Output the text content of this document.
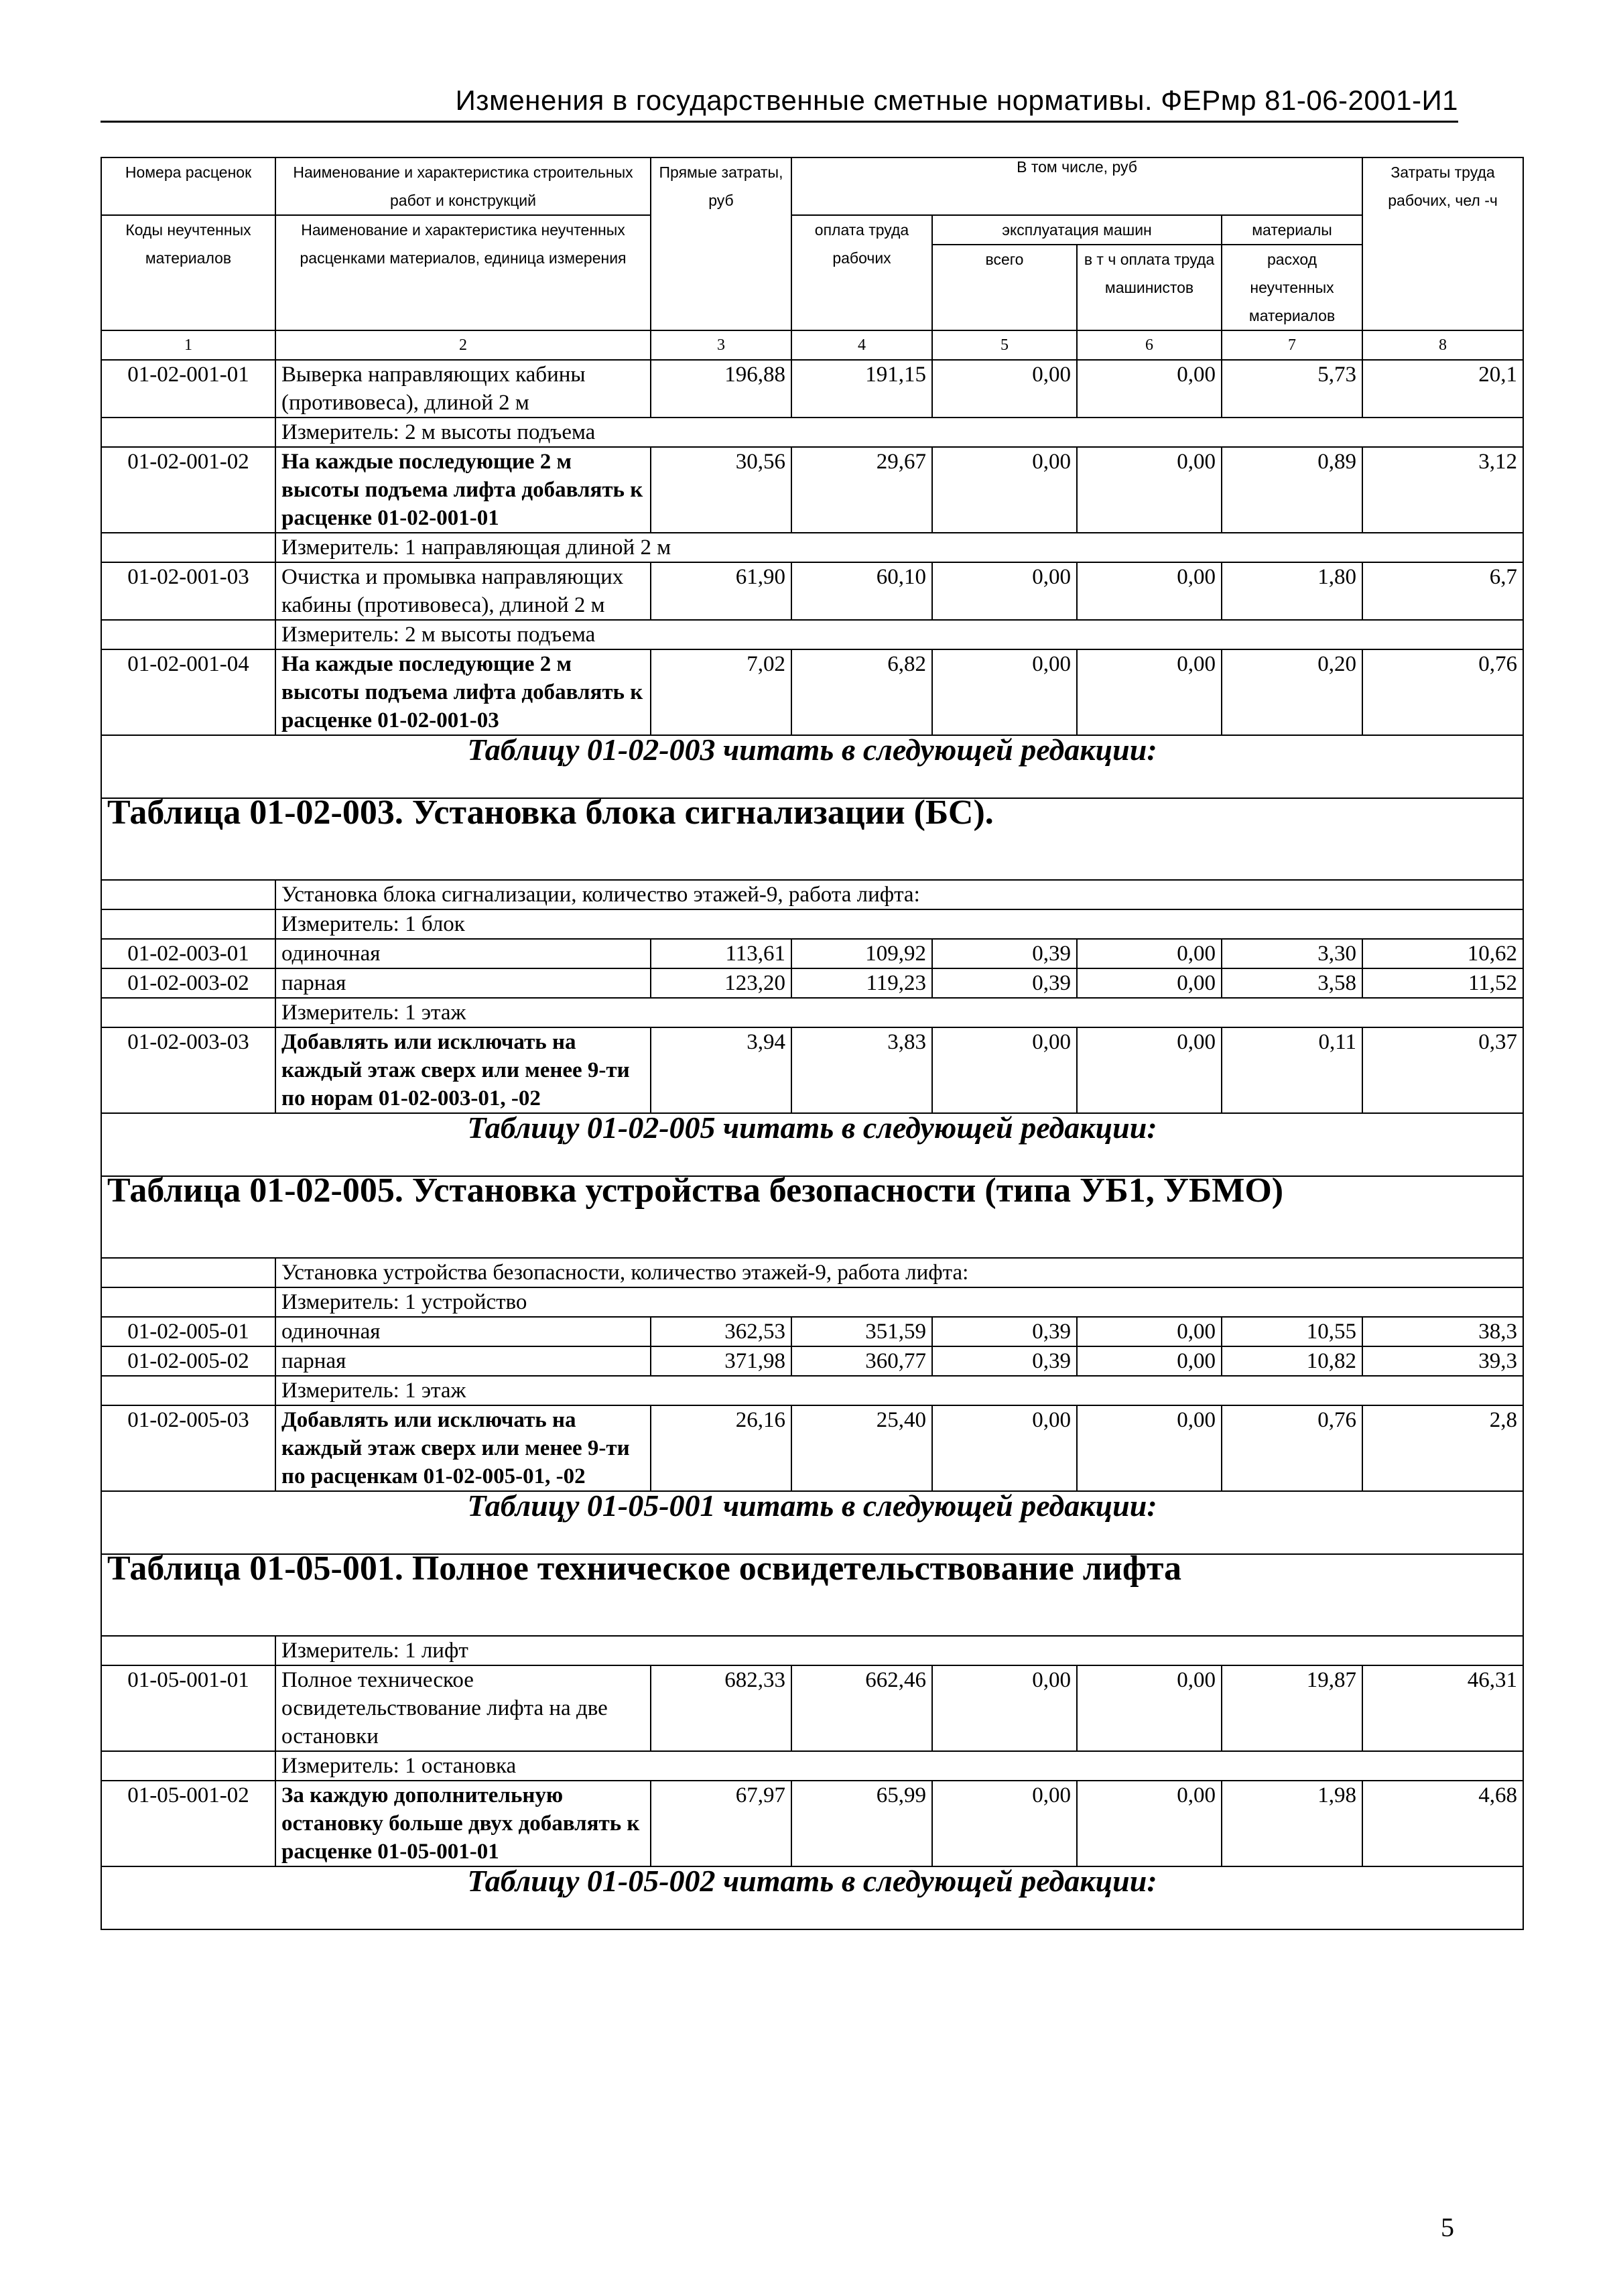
Изменения в государственные сметные нормативы. ФЕРмр 81-06-2001-И1
Номера расценок	Наименование и характеристика строительных работ и конструкций	Прямые затраты, руб	В том числе, руб				Затраты труда рабочих, чел -ч
Коды неучтенных материалов	Наименование и характеристика неучтенных расценками материалов, единица измерения		оплата труда рабочих	эксплуатация машин		материалы	
				всего	в т ч оплата труда машинистов	расход неучтенных материалов	
1	2	3	4	5	6	7	8
01-02-001-01	Выверка направляющих кабины (противовеса), длиной 2 м	196,88	191,15	0,00	0,00	5,73	20,1
	Измеритель: 2 м высоты подъема						
01-02-001-02	На каждые последующие 2 м высоты подъема лифта добавлять к расценке 01-02-001-01	30,56	29,67	0,00	0,00	0,89	3,12
	Измеритель: 1 направляющая длиной 2 м						
01-02-001-03	Очистка и промывка направляющих кабины (противовеса), длиной 2 м	61,90	60,10	0,00	0,00	1,80	6,7
	Измеритель: 2 м высоты подъема						
01-02-001-04	На каждые последующие 2 м высоты подъема лифта добавлять к расценке 01-02-001-03	7,02	6,82	0,00	0,00	0,20	0,76
Таблицу 01-02-003 читать в следующей редакции:							
Таблица 01-02-003. Установка блока сигнализации (БС).							
	Установка блока сигнализации, количество этажей-9, работа лифта:						
	Измеритель: 1 блок						
01-02-003-01	одиночная	113,61	109,92	0,39	0,00	3,30	10,62
01-02-003-02	парная	123,20	119,23	0,39	0,00	3,58	11,52
	Измеритель: 1 этаж						
01-02-003-03	Добавлять или исключать на каждый этаж сверх или менее 9-ти по норам 01-02-003-01, -02	3,94	3,83	0,00	0,00	0,11	0,37
Таблицу 01-02-005 читать в следующей редакции:							
Таблица 01-02-005. Установка устройства безопасности (типа УБ1, УБМО)							
	Установка устройства безопасности, количество этажей-9, работа лифта:						
	Измеритель: 1 устройство						
01-02-005-01	одиночная	362,53	351,59	0,39	0,00	10,55	38,3
01-02-005-02	парная	371,98	360,77	0,39	0,00	10,82	39,3
	Измеритель: 1 этаж						
01-02-005-03	Добавлять или исключать на каждый этаж сверх или менее 9-ти по расценкам 01-02-005-01, -02	26,16	25,40	0,00	0,00	0,76	2,8
Таблицу 01-05-001 читать в следующей редакции:							
Таблица 01-05-001. Полное техническое освидетельствование лифта							
	Измеритель: 1 лифт						
01-05-001-01	Полное техническое освидетельствование лифта на две остановки	682,33	662,46	0,00	0,00	19,87	46,31
	Измеритель: 1 остановка						
01-05-001-02	За каждую дополнительную остановку больше двух добавлять к расценке 01-05-001-01	67,97	65,99	0,00	0,00	1,98	4,68
Таблицу 01-05-002 читать в следующей редакции:							
5
